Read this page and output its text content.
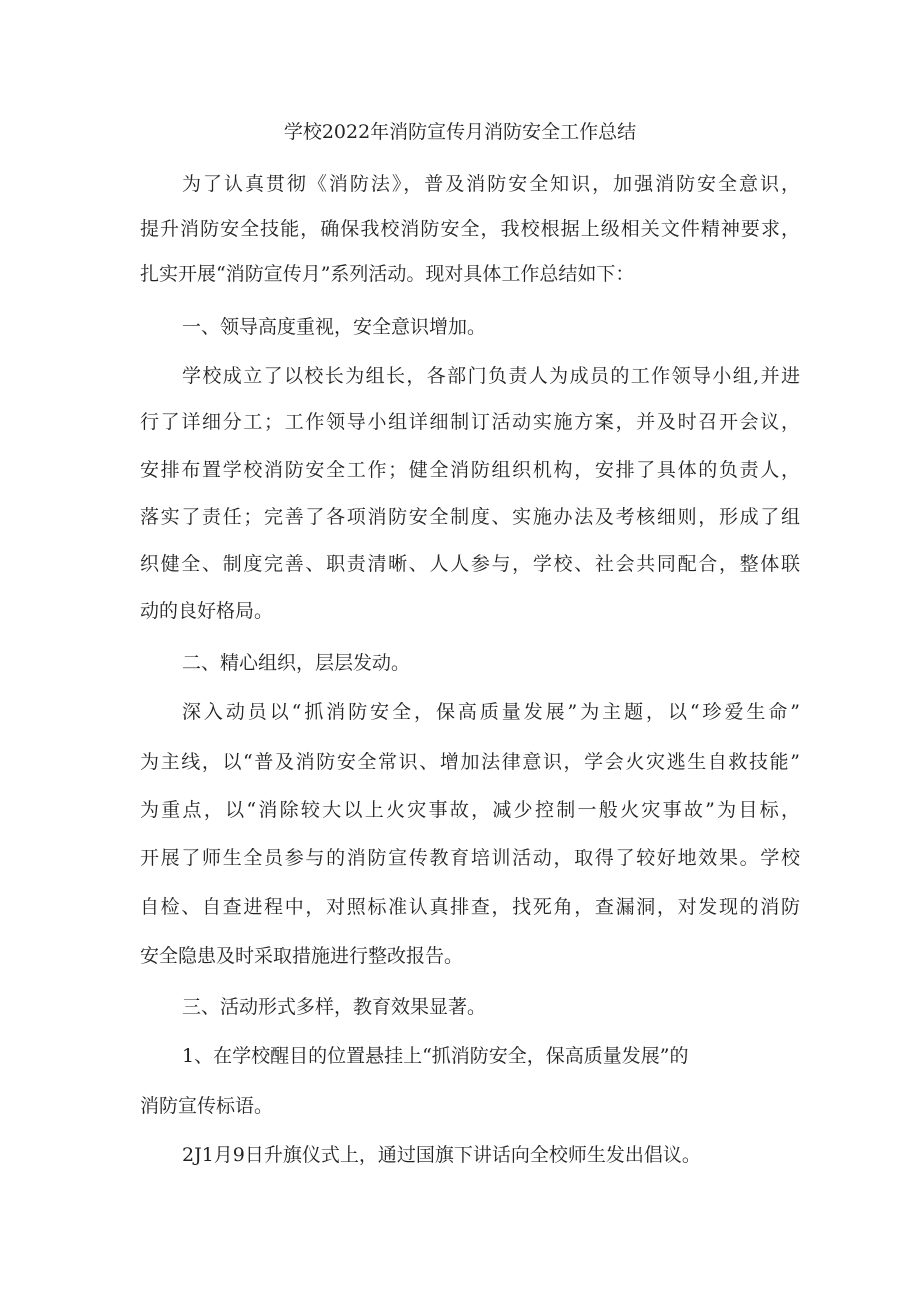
学校2022年消防宣传月消防安全工作总结

为了认真贯彻《消防法》，普及消防安全知识，加强消防安全意识，

提升消防安全技能，确保我校消防安全，我校根据上级相关文件精神要求，

扎实开展“消防宣传月”系列活动。现对具体工作总结如下：

一、领导高度重视，安全意识增加。

学校成立了以校长为组长，各部门负责人为成员的工作领导小组,并进

行了详细分工；工作领导小组详细制订活动实施方案，并及时召开会议，

安排布置学校消防安全工作；健全消防组织机构，安排了具体的负责人，

落实了责任；完善了各项消防安全制度、实施办法及考核细则，形成了组

织健全、制度完善、职责清晰、人人参与，学校、社会共同配合，整体联

动的良好格局。

二、精心组织，层层发动。

深入动员以“抓消防安全，保高质量发展”为主题，以“珍爱生命”

为主线，以“普及消防安全常识、增加法律意识，学会火灾逃生自救技能”

为重点，以“消除较大以上火灾事故，减少控制一般火灾事故”为目标，

开展了师生全员参与的消防宣传教育培训活动，取得了较好地效果。学校

自检、自查进程中，对照标准认真排查，找死角，查漏洞，对发现的消防

安全隐患及时采取措施进行整改报告。

三、活动形式多样，教育效果显著。

1、在学校醒目的位置悬挂上“抓消防安全，保高质量发展”的

消防宣传标语。

2J1月9日升旗仪式上，通过国旗下讲话向全校师生发出倡议。
